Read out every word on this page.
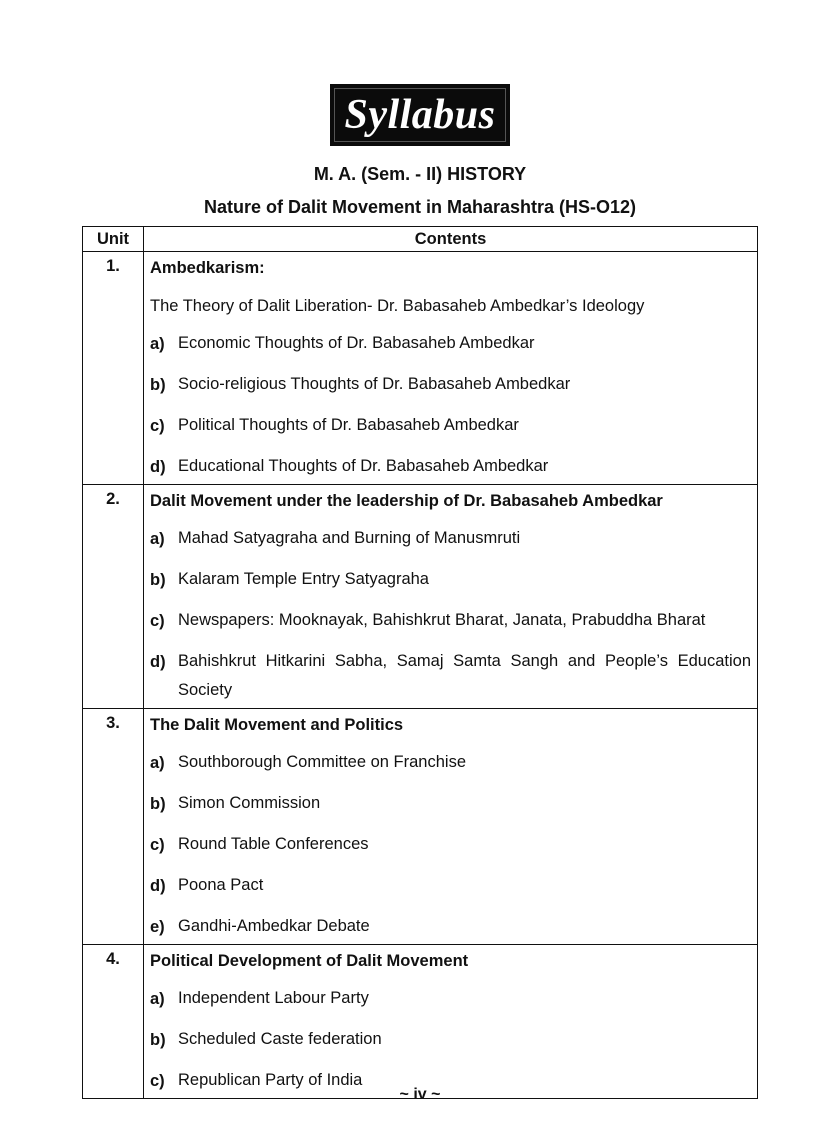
Syllabus
M. A. (Sem. - II) HISTORY
Nature of Dalit Movement in Maharashtra (HS-O12)
Unit	Contents
1.	Ambedkarism:
The Theory of Dalit Liberation- Dr. Babasaheb Ambedkar’s Ideology
a) Economic Thoughts of Dr. Babasaheb Ambedkar
b) Socio-religious Thoughts of Dr. Babasaheb Ambedkar
c) Political Thoughts of Dr. Babasaheb Ambedkar
d) Educational Thoughts of Dr. Babasaheb Ambedkar

2.	Dalit Movement under the leadership of Dr. Babasaheb Ambedkar
a) Mahad Satyagraha and Burning of Manusmruti
b) Kalaram Temple Entry Satyagraha
c) Newspapers: Mooknayak, Bahishkrut Bharat, Janata, Prabuddha Bharat
d) Bahishkrut Hitkarini Sabha, Samaj Samta Sangh and People’s Education Society

3.	The Dalit Movement and Politics
a) Southborough Committee on Franchise
b) Simon Commission
c) Round Table Conferences
d) Poona Pact
e) Gandhi-Ambedkar Debate

4.	Political Development of Dalit Movement
a) Independent Labour Party
b) Scheduled Caste federation
c) Republican Party of India
~ iv ~
